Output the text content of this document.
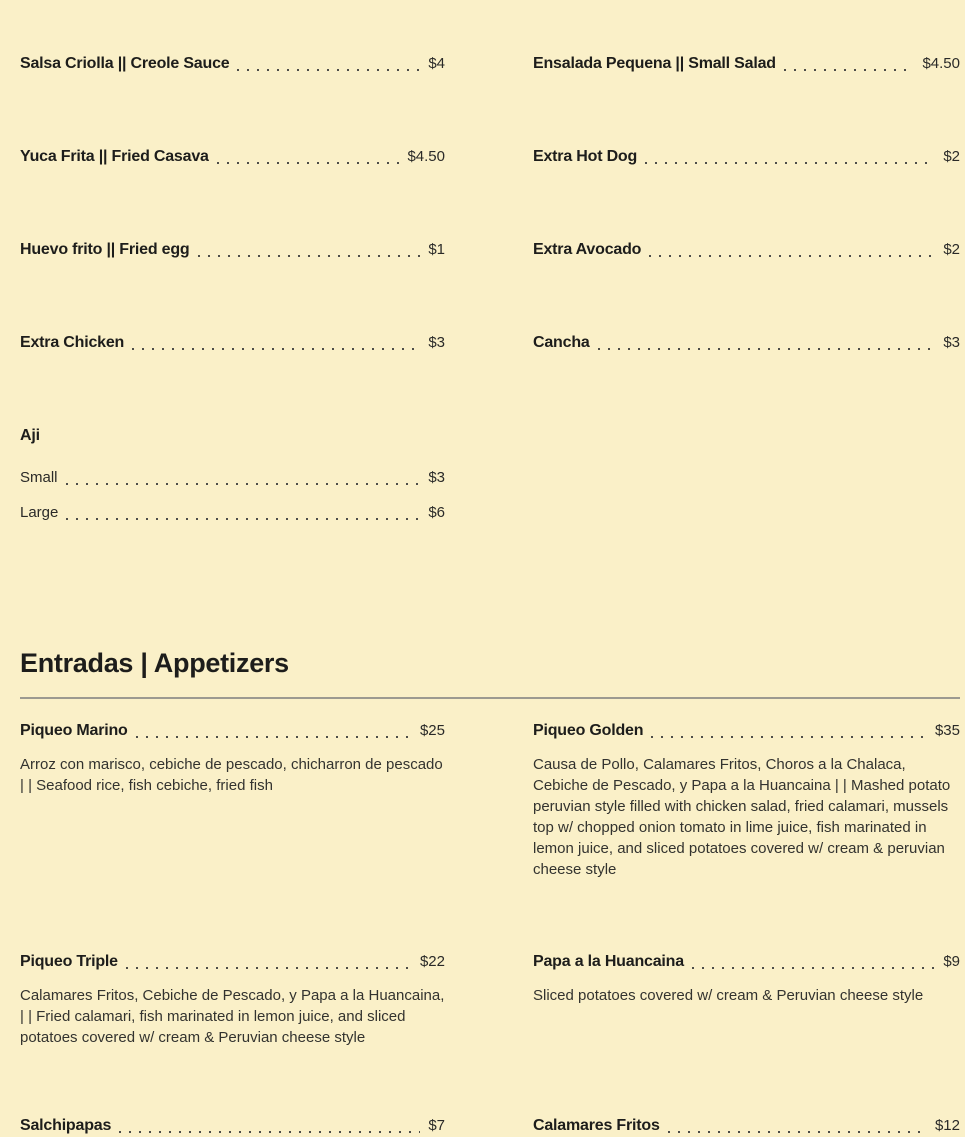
Salsa Criolla || Creole Sauce	$4
Yuca Frita || Fried Casava	$4.50
Huevo frito || Fried egg	$1
Extra Chicken	$3
Aji
Small	$3
Large	$6
Ensalada Pequena || Small Salad	$4.50
Extra Hot Dog	$2
Extra Avocado	$2
Cancha	$3
Entradas | Appetizers
Piqueo Marino	$25
Arroz con marisco, cebiche de pescado, chicharron de pescado | | Seafood rice, fish cebiche, fried fish
Piqueo Triple	$22
Calamares Fritos, Cebiche de Pescado, y Papa a la Huancaina, | | Fried calamari, fish marinated in lemon juice, and sliced potatoes covered w/ cream & Peruvian cheese style
Salchipapas	$7
Piqueo Golden	$35
Causa de Pollo, Calamares Fritos, Choros a la Chalaca, Cebiche de Pescado, y Papa a la Huancaina | | Mashed potato peruvian style filled with chicken salad, fried calamari, mussels top w/ chopped onion tomato in lime juice, fish marinated in lemon juice, and sliced potatoes covered w/ cream & peruvian cheese style
Papa a la Huancaina	$9
Sliced potatoes covered w/ cream & Peruvian cheese style
Calamares Fritos	$12
